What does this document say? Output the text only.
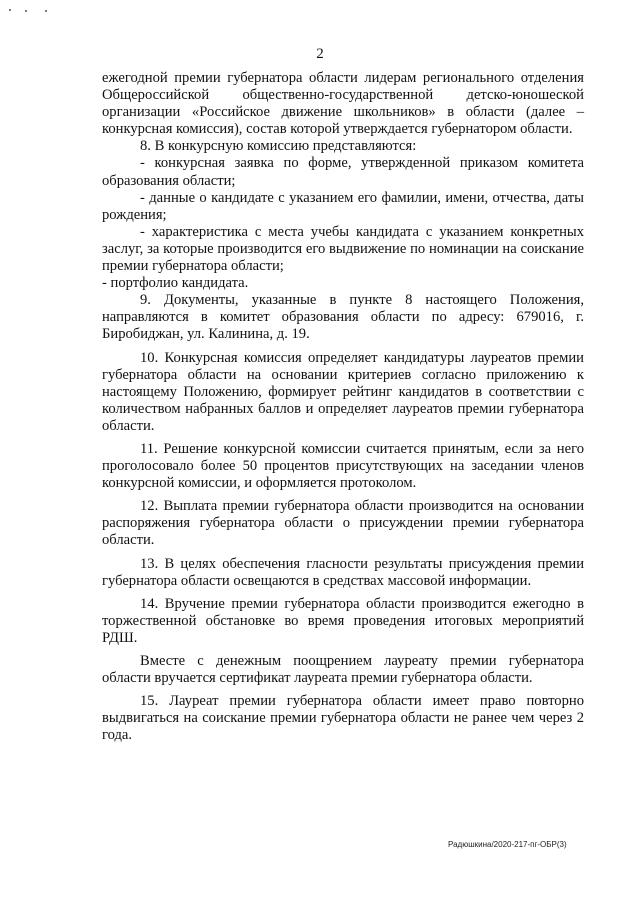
2

ежегодной премии губернатора области лидерам регионального отделения Общероссийской общественно-государственной детско-юношеской организации «Российское движение школьников» в области (далее – конкурсная комиссия), состав которой утверждается губернатором области.

8. В конкурсную комиссию представляются:

- конкурсная заявка по форме, утвержденной приказом комитета образования области;

- данные о кандидате с указанием его фамилии, имени, отчества, даты рождения;

- характеристика с места учебы кандидата с указанием конкретных заслуг, за которые производится его выдвижение по номинации на соискание премии губернатора области;

- портфолио кандидата.

9. Документы, указанные в пункте 8 настоящего Положения, направляются в комитет образования области по адресу: 679016, г. Биробиджан, ул. Калинина, д. 19.

10. Конкурсная комиссия определяет кандидатуры лауреатов премии губернатора области на основании критериев согласно приложению к настоящему Положению, формирует рейтинг кандидатов в соответствии с количеством набранных баллов и определяет лауреатов премии губернатора области.

11. Решение конкурсной комиссии считается принятым, если за него проголосовало более 50 процентов присутствующих на заседании членов конкурсной комиссии, и оформляется протоколом.

12. Выплата премии губернатора области производится на основании распоряжения губернатора области о присуждении премии губернатора области.

13. В целях обеспечения гласности результаты присуждения премии губернатора области освещаются в средствах массовой информации.

14. Вручение премии губернатора области производится ежегодно в торжественной обстановке во время проведения итоговых мероприятий РДШ.

Вместе с денежным поощрением лауреату премии губернатора области вручается сертификат лауреата премии губернатора области.

15. Лауреат премии губернатора области имеет право повторно выдвигаться на соискание премии губернатора области не ранее чем через 2 года.

Радюшкина/2020-217-пг-ОБР(3)
